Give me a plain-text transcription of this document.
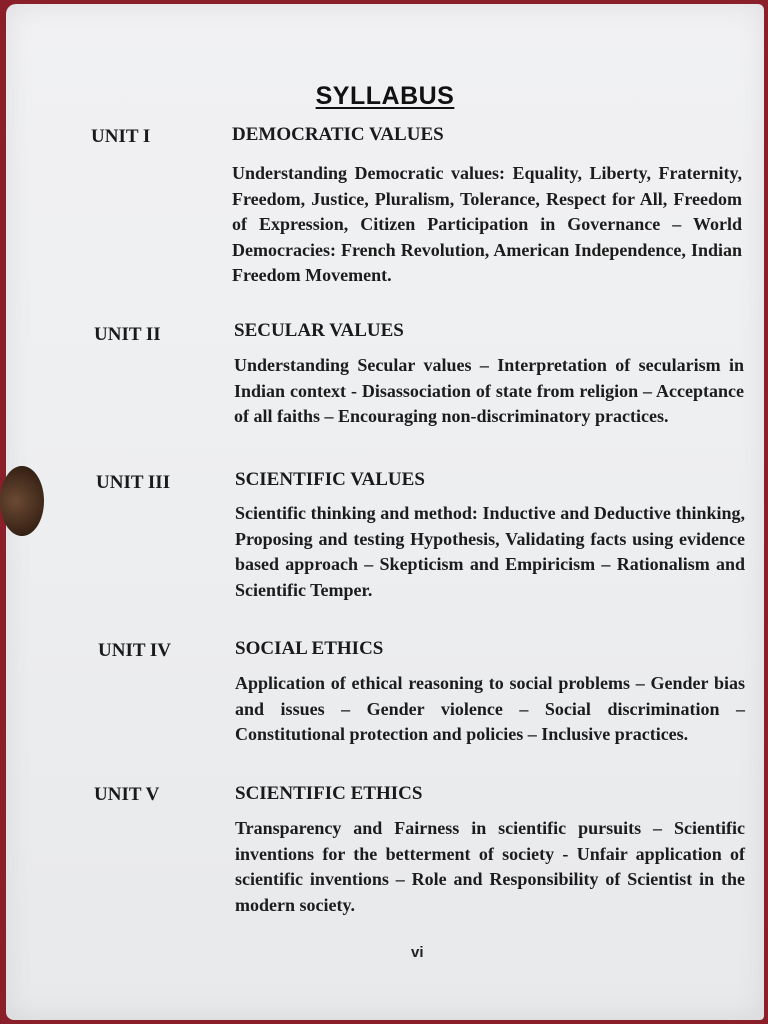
SYLLABUS
UNIT I	DEMOCRATIC VALUES
Understanding Democratic values: Equality, Liberty, Fraternity, Freedom, Justice, Pluralism, Tolerance, Respect for All, Freedom of Expression, Citizen Participation in Governance – World Democracies: French Revolution, American Independence, Indian Freedom Movement.
UNIT II	SECULAR VALUES
Understanding Secular values – Interpretation of secularism in Indian context - Disassociation of state from religion – Acceptance of all faiths – Encouraging non-discriminatory practices.
UNIT III	SCIENTIFIC VALUES
Scientific thinking and method: Inductive and Deductive thinking, Proposing and testing Hypothesis, Validating facts using evidence based approach – Skepticism and Empiricism – Rationalism and Scientific Temper.
UNIT IV	SOCIAL ETHICS
Application of ethical reasoning to social problems – Gender bias and issues – Gender violence – Social discrimination – Constitutional protection and policies – Inclusive practices.
UNIT V	SCIENTIFIC ETHICS
Transparency and Fairness in scientific pursuits – Scientific inventions for the betterment of society - Unfair application of scientific inventions – Role and Responsibility of Scientist in the modern society.
vi
